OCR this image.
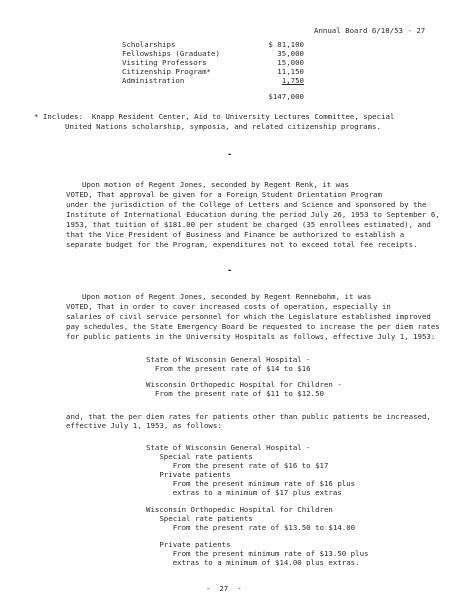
Annual Board 6/18/53 - 27
Scholarships	$ 81,100
Fellowships (Graduate)	35,000
Visiting Professors	15,000
Citizenship Program*	11,150
Administration	1,750
$147,000
* Includes:  Knapp Resident Center, Aid to University Lectures Committee, special
United Nations scholarship, symposia, and related citizenship programs.
-
Upon motion of Regent Jones, seconded by Regent Renk, it was
VOTED, That approval be given for a Foreign Student Orientation Program
under the jurisdiction of the College of Letters and Science and sponsored by the
Institute of International Education during the period July 26, 1953 to September 6,
1953, that tuition of $181.00 per student be charged (35 enrollees estimated), and
that the Vice President of Business and Finance be authorized to establish a
separate budget for the Program, expenditures not to exceed total fee receipts.
-
Upon motion of Regent Jones, seconded by Regent Rennebohm, it was
VOTED, That in order to cover increased costs of operation, especially in
salaries of civil service personnel for which the Legislature established improved
pay schedules, the State Emergency Board be requested to increase the per diem rates
for public patients in the University Hospitals as follows, effective July 1, 1953:
State of Wisconsin General Hospital -
From the present rate of $14 to $16
Wisconsin Orthopedic Hospital for Children -
From the present rate of $11 to $12.50
and, that the per diem rates for patients other than public patients be increased,
effective July 1, 1953, as follows:
State of Wisconsin General Hospital -
Special rate patients
From the present rate of $16 to $17
Private patients
From the present minimum rate of $16 plus
extras to a minimum of $17 plus extras
Wisconsin Orthopedic Hospital for Children
Special rate patients
From the present rate of $13.50 to $14.00
Private patients
From the present minimum rate of $13.50 plus
extras to a minimum of $14.00 plus extras.
-  27  -
